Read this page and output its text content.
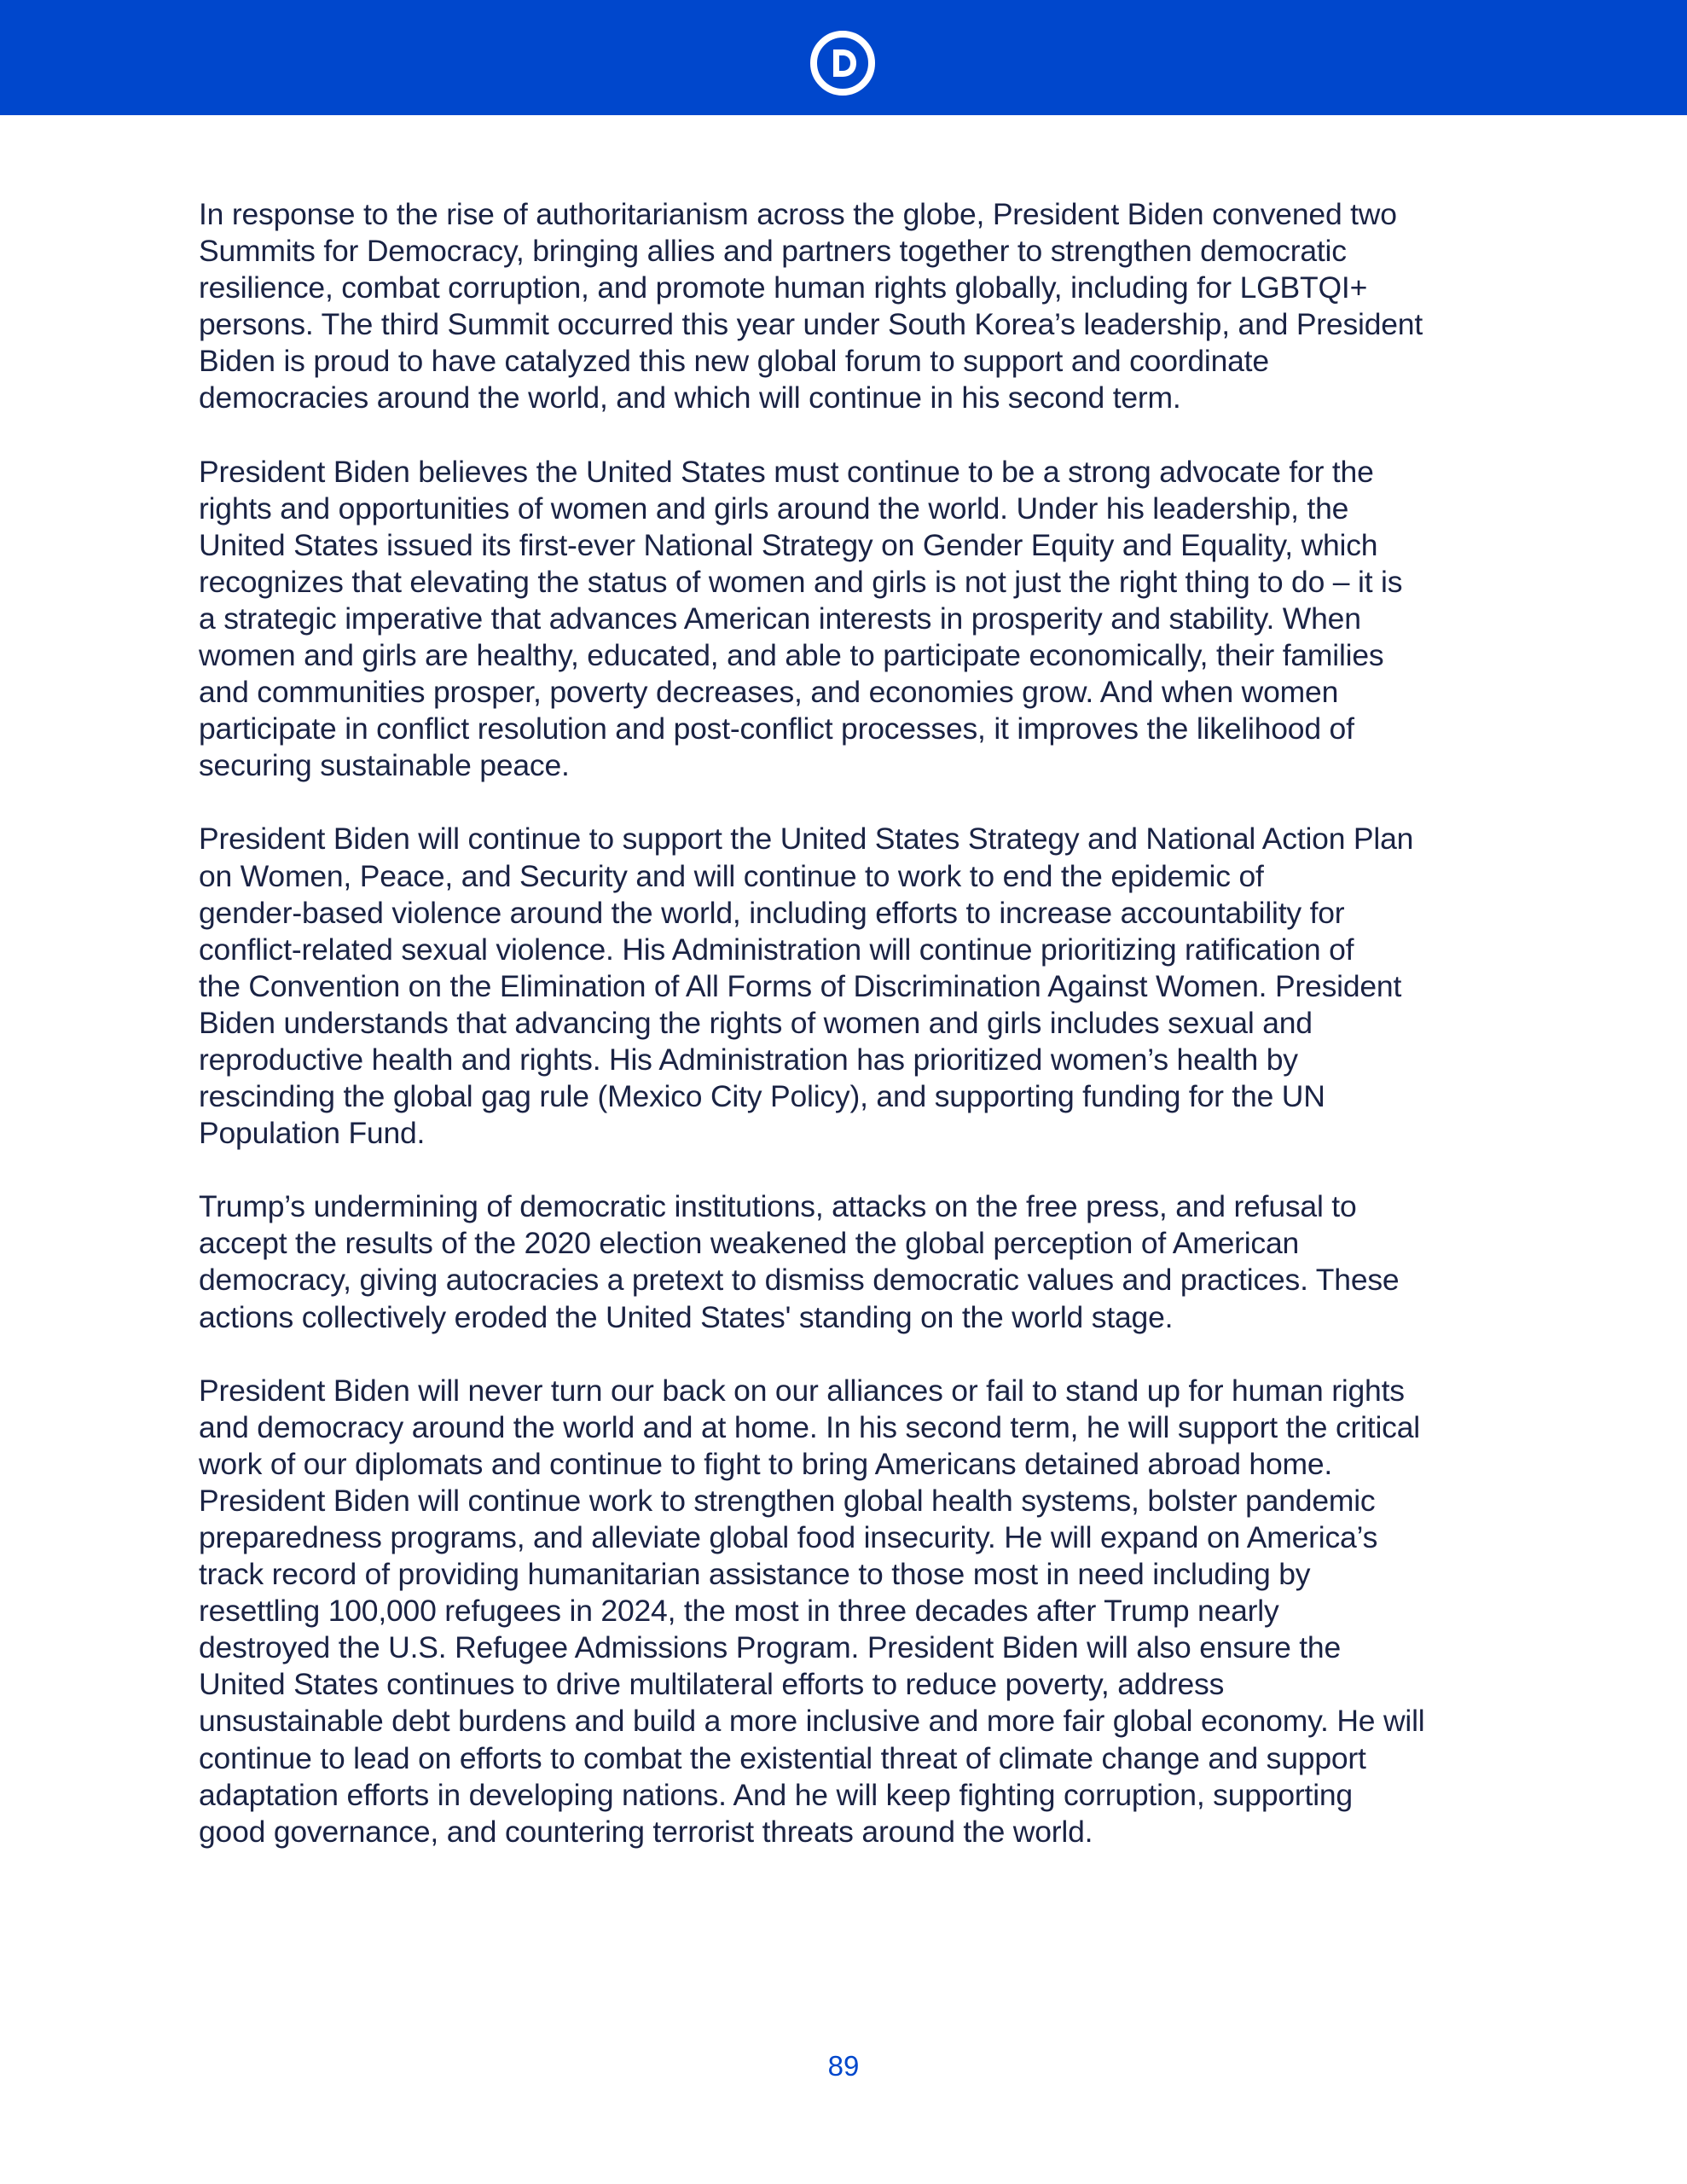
In response to the rise of authoritarianism across the globe, President Biden convened two
Summits for Democracy, bringing allies and partners together to strengthen democratic
resilience, combat corruption, and promote human rights globally, including for LGBTQI+
persons. The third Summit occurred this year under South Korea’s leadership, and President
Biden is proud to have catalyzed this new global forum to support and coordinate
democracies around the world, and which will continue in his second term.

President Biden believes the United States must continue to be a strong advocate for the
rights and opportunities of women and girls around the world. Under his leadership, the
United States issued its first-ever National Strategy on Gender Equity and Equality, which
recognizes that elevating the status of women and girls is not just the right thing to do – it is
a strategic imperative that advances American interests in prosperity and stability. When
women and girls are healthy, educated, and able to participate economically, their families
and communities prosper, poverty decreases, and economies grow. And when women
participate in conflict resolution and post-conflict processes, it improves the likelihood of
securing sustainable peace.

President Biden will continue to support the United States Strategy and National Action Plan
on Women, Peace, and Security and will continue to work to end the epidemic of
gender-based violence around the world, including efforts to increase accountability for
conflict-related sexual violence. His Administration will continue prioritizing ratification of
the Convention on the Elimination of All Forms of Discrimination Against Women. President
Biden understands that advancing the rights of women and girls includes sexual and
reproductive health and rights. His Administration has prioritized women’s health by
rescinding the global gag rule (Mexico City Policy), and supporting funding for the UN
Population Fund.

Trump’s undermining of democratic institutions, attacks on the free press, and refusal to
accept the results of the 2020 election weakened the global perception of American
democracy, giving autocracies a pretext to dismiss democratic values and practices. These
actions collectively eroded the United States' standing on the world stage.

President Biden will never turn our back on our alliances or fail to stand up for human rights
and democracy around the world and at home. In his second term, he will support the critical
work of our diplomats and continue to fight to bring Americans detained abroad home.
President Biden will continue work to strengthen global health systems, bolster pandemic
preparedness programs, and alleviate global food insecurity. He will expand on America’s
track record of providing humanitarian assistance to those most in need including by
resettling 100,000 refugees in 2024, the most in three decades after Trump nearly
destroyed the U.S. Refugee Admissions Program. President Biden will also ensure the
United States continues to drive multilateral efforts to reduce poverty, address
unsustainable debt burdens and build a more inclusive and more fair global economy. He will
continue to lead on efforts to combat the existential threat of climate change and support
adaptation efforts in developing nations. And he will keep fighting corruption, supporting
good governance, and countering terrorist threats around the world.

89
